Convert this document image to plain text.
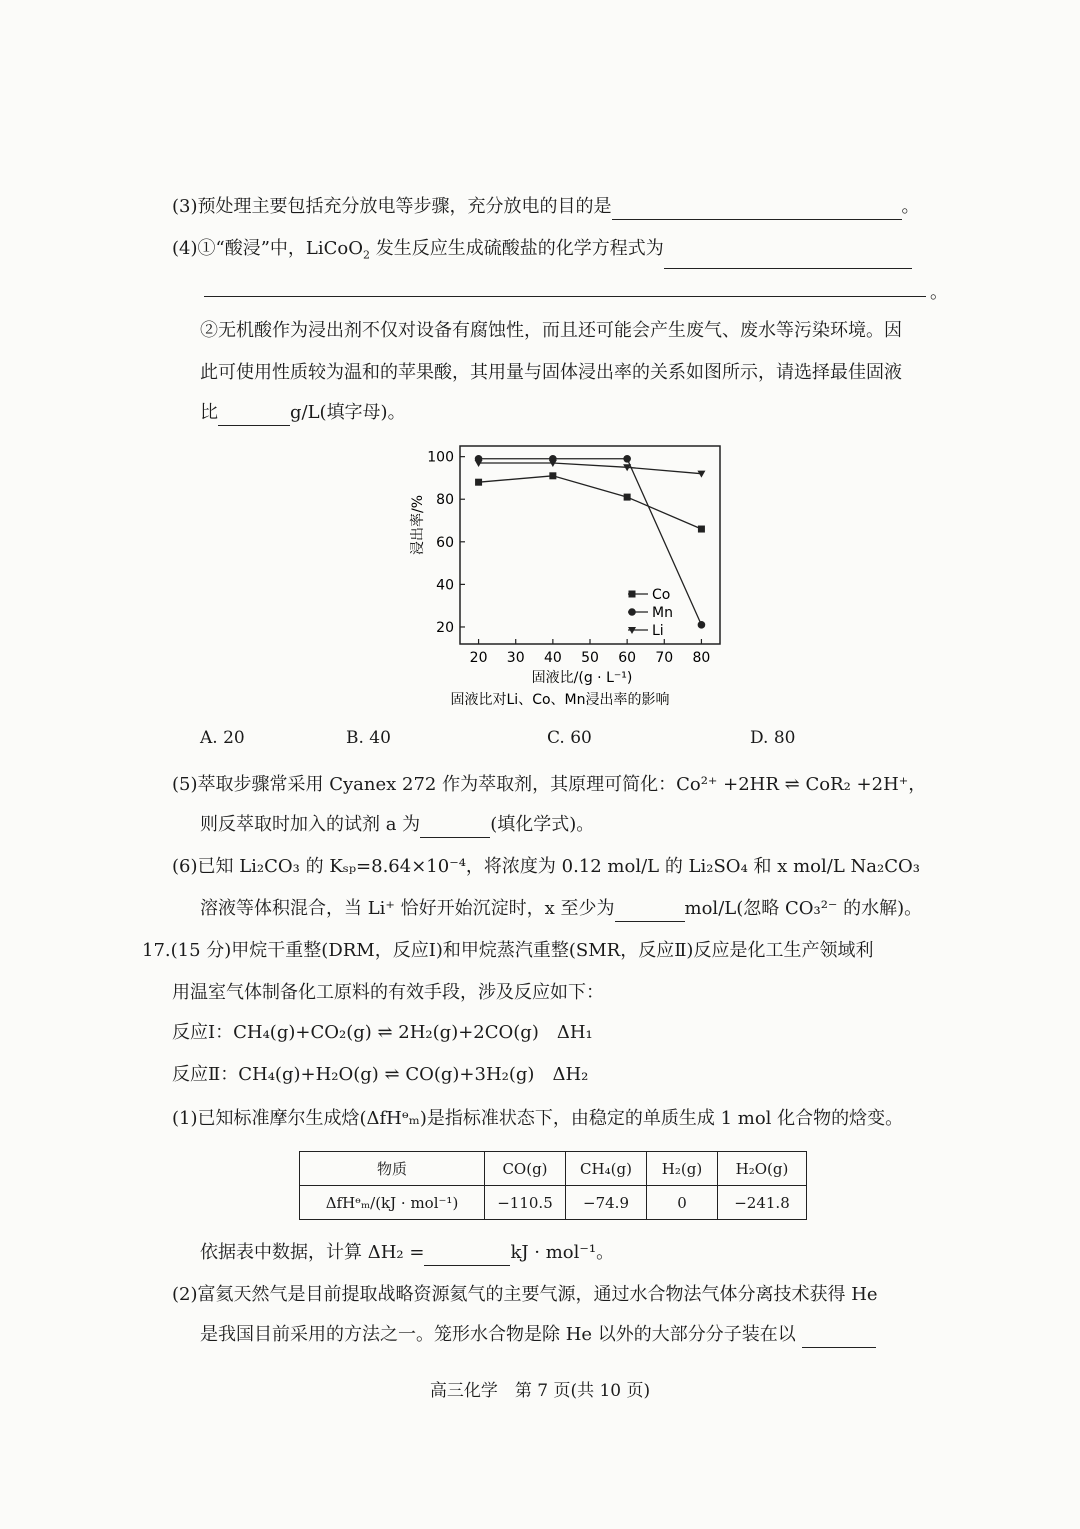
(3)预处理主要包括充分放电等步骤，充分放电的目的是	。
(4)①“酸浸”中，LiCoO$_2$ 发生反应生成硫酸盐的化学方程式为
。
②无机酸作为浸出剂不仅对设备有腐蚀性，而且还可能会产生废气、废水等污染环境。因
此可使用性质较为温和的苹果酸，其用量与固体浸出率的关系如图所示，请选择最佳固液
比	g/L(填字母)。
20 30 40 50 60 70 80
20
40
60
80
100
Co
Mn
Li
浸出率/%
固液比/(g · L⁻¹)
固液比对Li、Co、Mn浸出率的影响
A. 20	B. 40	C. 60	D. 80
(5)萃取步骤常采用 Cyanex 272 作为萃取剂，其原理可简化：Co²⁺ +2HR ⇌ CoR₂ +2H⁺，
则反萃取时加入的试剂 a 为	(填化学式)。
(6)已知 Li₂CO₃ 的 Kₛₚ=8.64×10⁻⁴，将浓度为 0.12 mol/L 的 Li₂SO₄ 和 x mol/L Na₂CO₃
溶液等体积混合，当 Li⁺ 恰好开始沉淀时，x 至少为	mol/L(忽略 CO₃²⁻ 的水解)。
17.(15 分)甲烷干重整(DRM，反应Ⅰ)和甲烷蒸汽重整(SMR，反应Ⅱ)反应是化工生产领域利
用温室气体制备化工原料的有效手段，涉及反应如下：
反应Ⅰ：CH₄(g)+CO₂(g) ⇌ 2H₂(g)+2CO(g)　ΔH₁
反应Ⅱ：CH₄(g)+H₂O(g) ⇌ CO(g)+3H₂(g)　ΔH₂
(1)已知标准摩尔生成焓(ΔfHᶱₘ)是指标准状态下，由稳定的单质生成 1 mol 化合物的焓变。
物质	CO(g)	CH₄(g)	H₂(g)	H₂O(g)
ΔfHᶱₘ/(kJ · mol⁻¹)	−110.5	−74.9	0	−241.8
依据表中数据，计算 ΔH₂ =	kJ · mol⁻¹。
(2)富氦天然气是目前提取战略资源氦气的主要气源，通过水合物法气体分离技术获得 He
是我国目前采用的方法之一。笼形水合物是除 He 以外的大部分分子装在以
高三化学　第 7 页(共 10 页)
